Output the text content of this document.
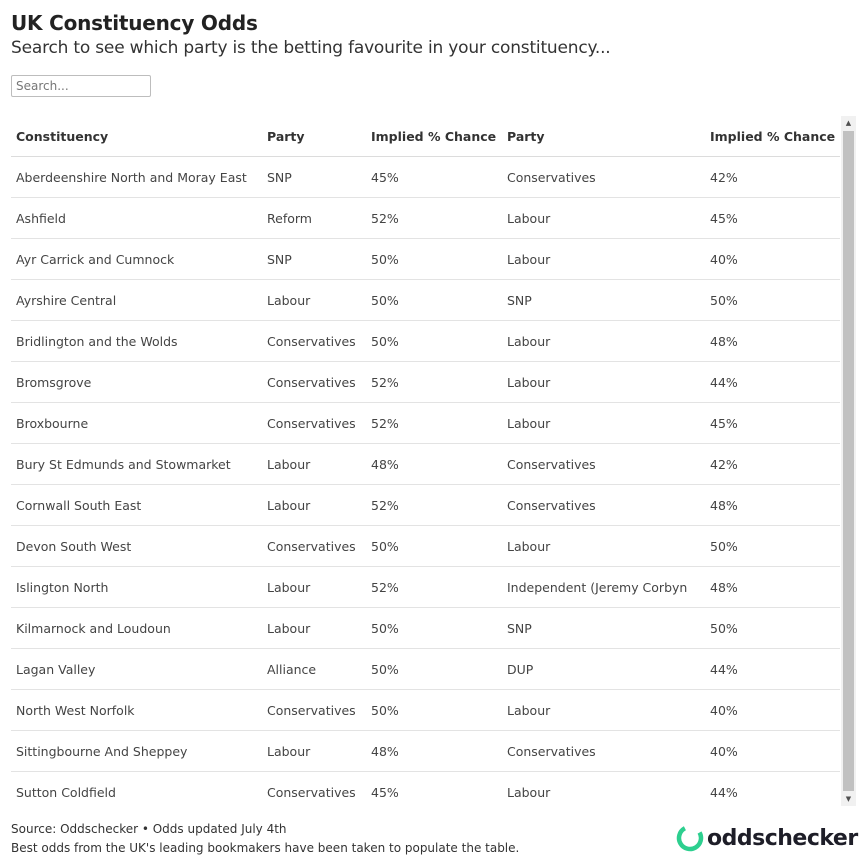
UK Constituency Odds

Search to see which party is the betting favourite in your constituency...

Search...
Constituency	Party	Implied % Chance	Party	Implied % Chance
Aberdeenshire North and Moray East	SNP	45%	Conservatives	42%
Ashfield	Reform	52%	Labour	45%
Ayr Carrick and Cumnock	SNP	50%	Labour	40%
Ayrshire Central	Labour	50%	SNP	50%
Bridlington and the Wolds	Conservatives	50%	Labour	48%
Bromsgrove	Conservatives	52%	Labour	44%
Broxbourne	Conservatives	52%	Labour	45%
Bury St Edmunds and Stowmarket	Labour	48%	Conservatives	42%
Cornwall South East	Labour	52%	Conservatives	48%
Devon South West	Conservatives	50%	Labour	50%
Islington North	Labour	52%	Independent (Jeremy Corbyn	48%
Kilmarnock and Loudoun	Labour	50%	SNP	50%
Lagan Valley	Alliance	50%	DUP	44%
North West Norfolk	Conservatives	50%	Labour	40%
Sittingbourne And Sheppey	Labour	48%	Conservatives	40%
Sutton Coldfield	Conservatives	45%	Labour	44%
▲
▼
Source: Oddschecker • Odds updated July 4th
Best odds from the UK's leading bookmakers have been taken to populate the table.	oddschecker
